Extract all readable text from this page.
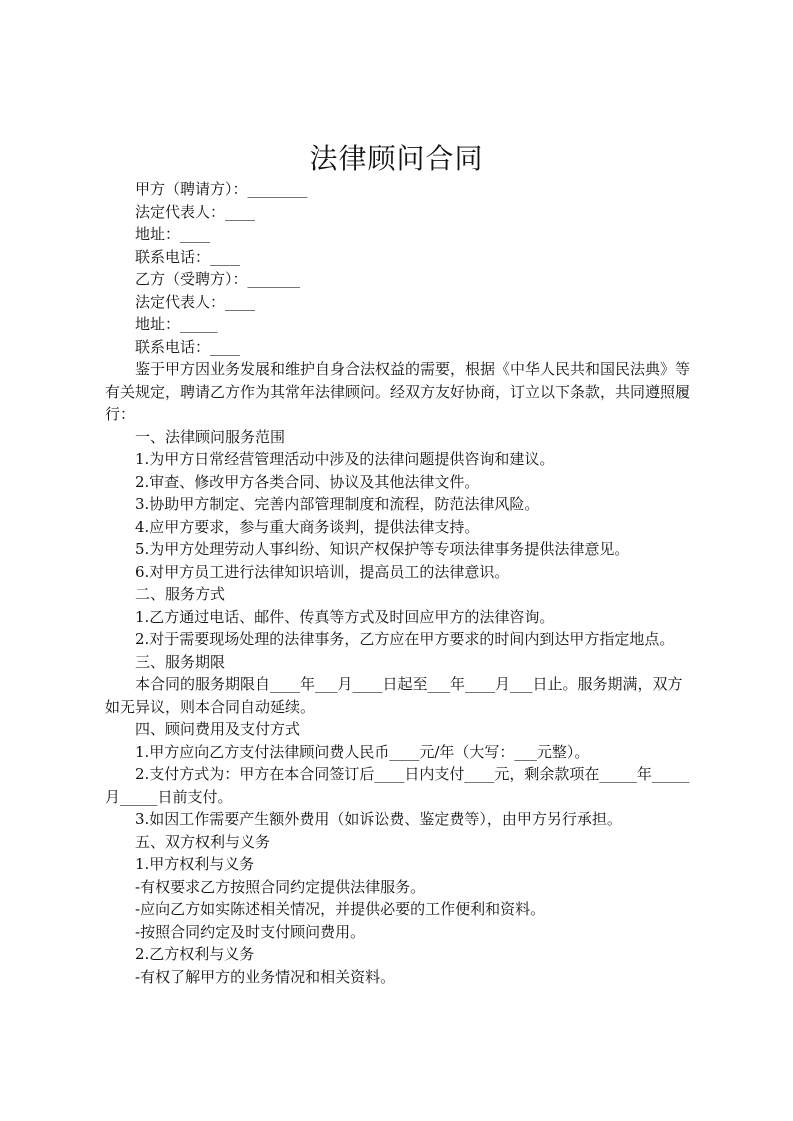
法律顾问合同

甲方（聘请方）：________

法定代表人：____

地址：____

联系电话：____

乙方（受聘方）：_______

法定代表人：____

地址：_____

联系电话：____

鉴于甲方因业务发展和维护自身合法权益的需要，根据《中华人民共和国民法典》等有关规定，聘请乙方作为其常年法律顾问。经双方友好协商，订立以下条款，共同遵照履行：

一、法律顾问服务范围

1.为甲方日常经营管理活动中涉及的法律问题提供咨询和建议。

2.审查、修改甲方各类合同、协议及其他法律文件。

3.协助甲方制定、完善内部管理制度和流程，防范法律风险。

4.应甲方要求，参与重大商务谈判，提供法律支持。

5.为甲方处理劳动人事纠纷、知识产权保护等专项法律事务提供法律意见。

6.对甲方员工进行法律知识培训，提高员工的法律意识。

二、服务方式

1.乙方通过电话、邮件、传真等方式及时回应甲方的法律咨询。

2.对于需要现场处理的法律事务，乙方应在甲方要求的时间内到达甲方指定地点。

三、服务期限

本合同的服务期限自____年___月____日起至___年____月___日止。服务期满，双方如无异议，则本合同自动延续。

四、顾问费用及支付方式

1.甲方应向乙方支付法律顾问费人民币____元/年（大写：___元整）。

2.支付方式为：甲方在本合同签订后____日内支付____元，剩余款项在_____年_____月_____日前支付。

3.如因工作需要产生额外费用（如诉讼费、鉴定费等），由甲方另行承担。

五、双方权利与义务

1.甲方权利与义务

-有权要求乙方按照合同约定提供法律服务。

-应向乙方如实陈述相关情况，并提供必要的工作便利和资料。

-按照合同约定及时支付顾问费用。

2.乙方权利与义务

-有权了解甲方的业务情况和相关资料。
